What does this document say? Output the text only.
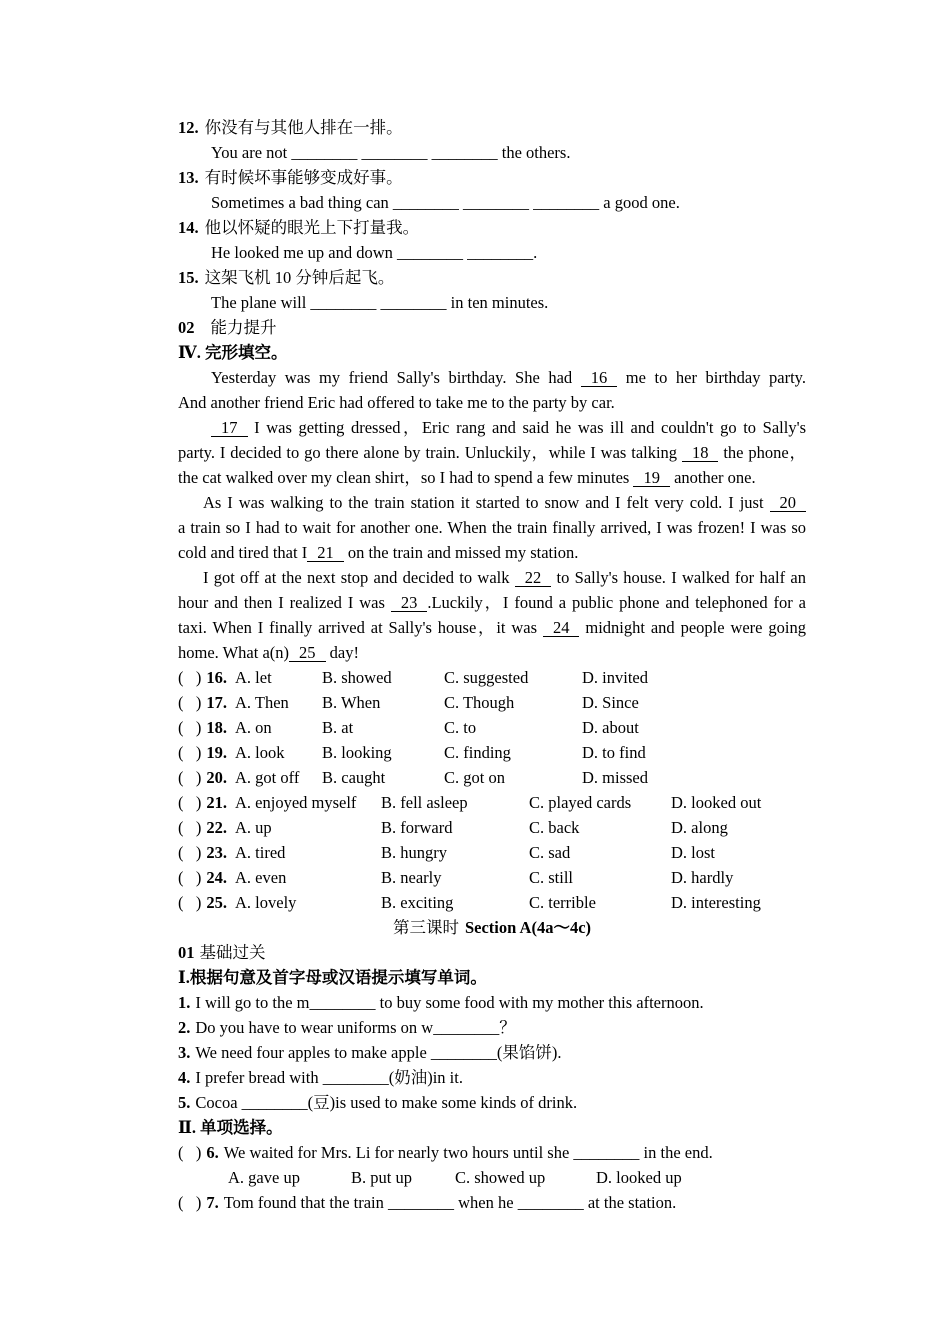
12. 你没有与其他人排在一排。
You are not ________ ________ ________ the others.
13. 有时候坏事能够变成好事。
Sometimes a bad thing can ________ ________ ________ a good one.
14. 他以怀疑的眼光上下打量我。
He looked me up and down ________ ________.
15. 这架飞机 10 分钟后起飞。
The plane will ________ ________ in ten minutes.
02 能力提升
Ⅳ. 完形填空。
Yesterday was my friend Sally's birthday. She had 16 me to her birthday party.
And another friend Eric had offered to take me to the party by car.
17 I was getting dressed，Eric rang and said he was ill and couldn't go to Sally's
party. I decided to go there alone by train. Unluckily，while I was talking 18 the phone，
the cat walked over my clean shirt，so I had to spend a few minutes 19 another one.
As I was walking to the train station it started to snow and I felt very cold. I just 20
a train so I had to wait for another one. When the train finally arrived, I was frozen! I was so
cold and tired that I 21 on the train and missed my station.
I got off at the next stop and decided to walk 22 to Sally's house. I walked for half an
hour and then I realized I was 23 .Luckily，I found a public phone and telephoned for a
taxi. When I finally arrived at Sally's house，it was 24 midnight and people were going
home. What a(n) 25 day!
(   ) 16. A. let	B. showed	C. suggested	D. invited
(   ) 17. A. Then B. When	C. Though	D. Since
(   ) 18. A. on	B. at	C. to	D. about
(   ) 19. A. look B. looking	C. finding	D. to find
(   ) 20. A. got off B. caught	C. got on	D. missed
(   ) 21. A. enjoyed myself B. fell asleep	C. played cards D. looked out
(   ) 22. A. up	B. forward	C. back	D. along
(   ) 23. A. tired	B. hungry	C. sad	D. lost
(   ) 24. A. even	B. nearly	C. still	D. hardly
(   ) 25. A. lovely	B. exciting	C. terrible	D. interesting
第三课时 Section A(4a～4c)
01 基础过关
Ⅰ.根据句意及首字母或汉语提示填写单词。
1. I will go to the m________ to buy some food with my mother this afternoon.
2. Do you have to wear uniforms on w________？
3. We need four apples to make apple ________(果馅饼).
4. I prefer bread with ________(奶油)in it.
5. Cocoa ________(豆)is used to make some kinds of drink.
Ⅱ. 单项选择。
(   ) 6. We waited for Mrs. Li for nearly two hours until she ________ in the end.
A. gave up	B. put up	C. showed up	D. looked up
(   ) 7. Tom found that the train ________ when he ________ at the station.
